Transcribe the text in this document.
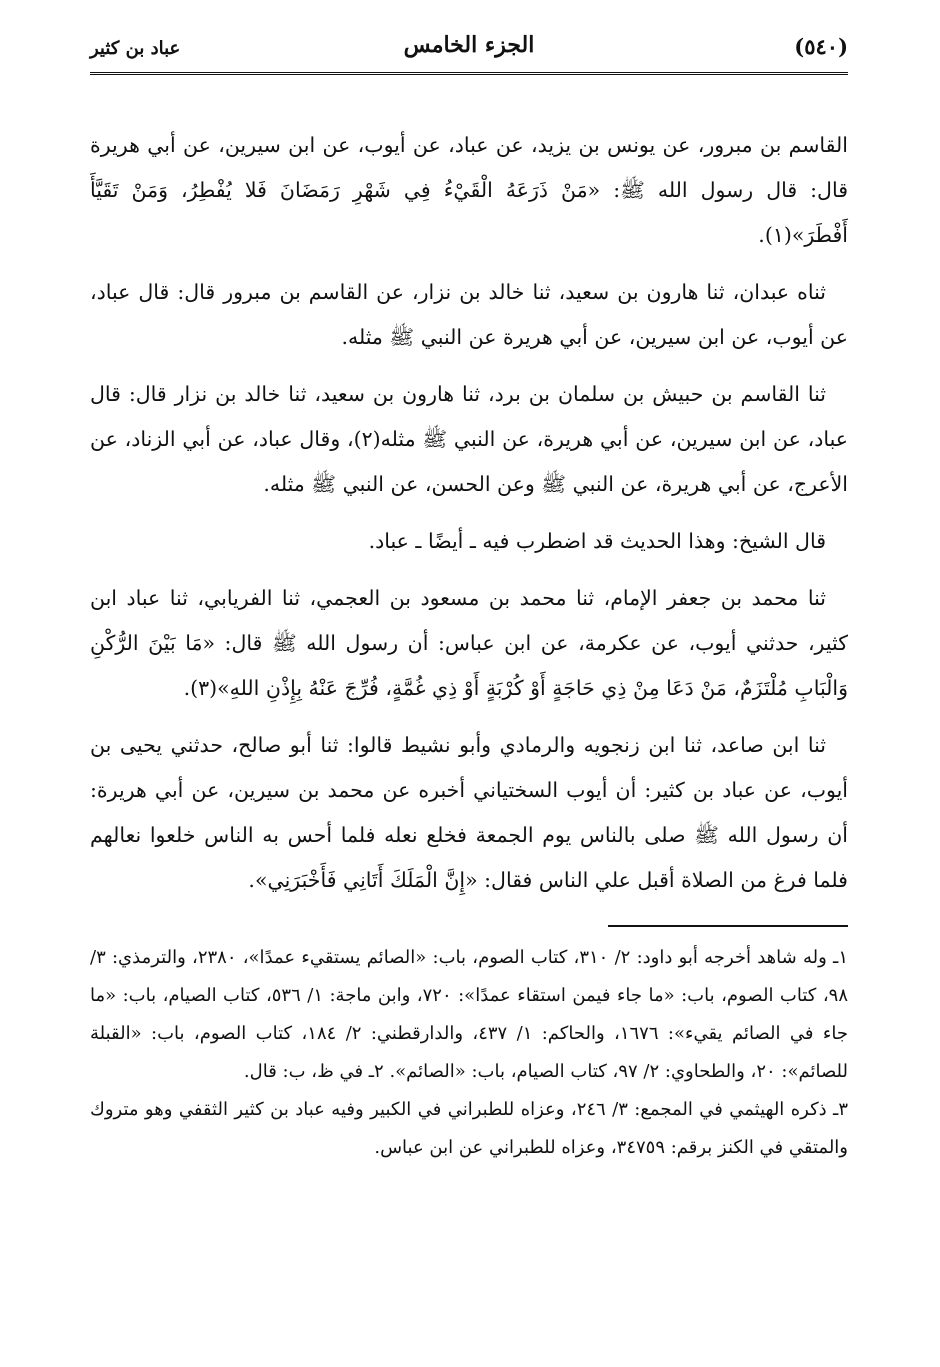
(٥٤٠)
الجزء الخامس
عباد بن كثير

القاسم بن مبرور، عن يونس بن يزيد، عن عباد، عن أيوب، عن ابن سيرين، عن أبي هريرة قال: قال رسول الله ﷺ: «مَنْ ذَرَعَهُ الْقَيْءُ فِي شَهْرِ رَمَضَانَ فَلا يُفْطِرُ، وَمَنْ تَقَيَّأَ أَفْطَرَ»(١).

ثناه عبدان، ثنا هارون بن سعيد، ثنا خالد بن نزار، عن القاسم بن مبرور قال: قال عباد، عن أيوب، عن ابن سيرين، عن أبي هريرة عن النبي ﷺ مثله.

ثنا القاسم بن حبيش بن سلمان بن برد، ثنا هارون بن سعيد، ثنا خالد بن نزار قال: قال عباد، عن ابن سيرين، عن أبي هريرة، عن النبي ﷺ مثله(٢)، وقال عباد، عن أبي الزناد، عن الأعرج، عن أبي هريرة، عن النبي ﷺ وعن الحسن، عن النبي ﷺ مثله.

قال الشيخ: وهذا الحديث قد اضطرب فيه ـ أيضًا ـ عباد.

ثنا محمد بن جعفر الإمام، ثنا محمد بن مسعود بن العجمي، ثنا الفريابي، ثنا عباد ابن كثير، حدثني أيوب، عن عكرمة، عن ابن عباس: أن رسول الله ﷺ قال: «مَا بَيْنَ الرُّكْنِ وَالْبَابِ مُلْتَزَمٌ، مَنْ دَعَا مِنْ ذِي حَاجَةٍ أَوْ كُرْبَةٍ أَوْ ذِي غُمَّةٍ، فُرِّجَ عَنْهُ بِإِذْنِ اللهِ»(٣).

ثنا ابن صاعد، ثنا ابن زنجويه والرمادي وأبو نشيط قالوا: ثنا أبو صالح، حدثني يحيى بن أيوب، عن عباد بن كثير: أن أيوب السختياني أخبره عن محمد بن سيرين، عن أبي هريرة: أن رسول الله ﷺ صلى بالناس يوم الجمعة فخلع نعله فلما أحس به الناس خلعوا نعالهم فلما فرغ من الصلاة أقبل علي الناس فقال: «إِنَّ الْمَلَكَ أَتَانِي فَأَخْبَرَنِي».

١ـ وله شاهد أخرجه أبو داود: ٢/ ٣١٠، كتاب الصوم، باب: «الصائم يستقيء عمدًا»، ٢٣٨٠، والترمذي: ٣/ ٩٨، كتاب الصوم، باب: «ما جاء فيمن استقاء عمدًا»: ٧٢٠، وابن ماجة: ١/ ٥٣٦، كتاب الصيام، باب: «ما جاء في الصائم يقيء»: ١٦٧٦، والحاكم: ١/ ٤٣٧، والدارقطني: ٢/ ١٨٤، كتاب الصوم، باب: «القبلة للصائم»: ٢٠، والطحاوي: ٢/ ٩٧، كتاب الصيام، باب: «الصائم». ٢ـ في ظ، ب: قال.

٣ـ ذكره الهيثمي في المجمع: ٣/ ٢٤٦، وعزاه للطبراني في الكبير وفيه عباد بن كثير الثقفي وهو متروك والمتقي في الكنز برقم: ٣٤٧٥٩، وعزاه للطبراني عن ابن عباس.
